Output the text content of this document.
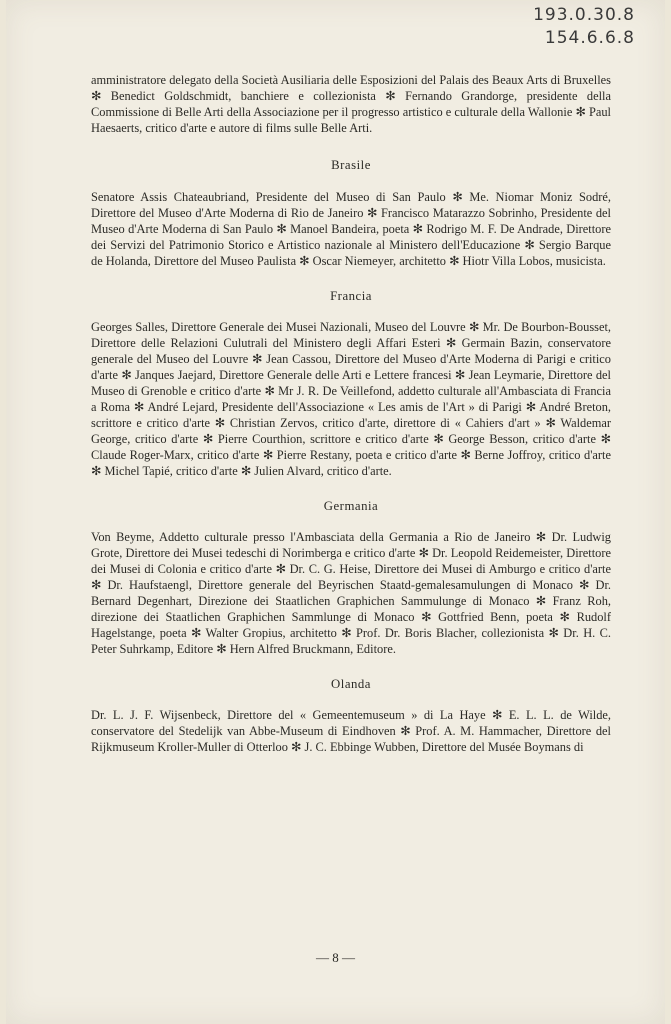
193.0.30.8
154.6.6.8

amministratore delegato della Società Ausiliaria delle Esposizioni del Palais des Beaux Arts di Bruxelles ✻ Benedict Goldschmidt, banchiere e collezionista ✻ Fernando Grandorge, presidente della Commissione di Belle Arti della Associazione per il progresso artistico e culturale della Wallonie ✻ Paul Haesaerts, critico d'arte e autore di films sulle Belle Arti.

Brasile

Senatore Assis Chateaubriand, Presidente del Museo di San Paulo ✻ Me. Niomar Moniz Sodré, Direttore del Museo d'Arte Moderna di Rio de Janeiro ✻ Francisco Matarazzo Sobrinho, Presidente del Museo d'Arte Moderna di San Paulo ✻ Manoel Bandeira, poeta ✻ Rodrigo M. F. De Andrade, Direttore dei Servizi del Patrimonio Storico e Artistico nazionale al Ministero dell'Educazione ✻ Sergio Barque de Holanda, Direttore del Museo Paulista ✻ Oscar Niemeyer, architetto ✻ Hiotr Villa Lobos, musicista.

Francia

Georges Salles, Direttore Generale dei Musei Nazionali, Museo del Louvre ✻ Mr. De Bourbon-Bousset, Direttore delle Relazioni Culutrali del Ministero degli Affari Esteri ✻ Germain Bazin, conservatore generale del Museo del Louvre ✻ Jean Cassou, Direttore del Museo d'Arte Moderna di Parigi e critico d'arte ✻ Janques Jaejard, Direttore Generale delle Arti e Lettere francesi ✻ Jean Leymarie, Direttore del Museo di Grenoble e critico d'arte ✻ Mr J. R. De Veillefond, addetto culturale all'Ambasciata di Francia a Roma ✻ André Lejard, Presidente dell'Associazione « Les amis de l'Art » di Parigi ✻ André Breton, scrittore e critico d'arte ✻ Christian Zervos, critico d'arte, direttore di « Cahiers d'art » ✻ Waldemar George, critico d'arte ✻ Pierre Courthion, scrittore e critico d'arte ✻ George Besson, critico d'arte ✻ Claude Roger-Marx, critico d'arte ✻ Pierre Restany, poeta e critico d'arte ✻ Berne Joffroy, critico d'arte ✻ Michel Tapié, critico d'arte ✻ Julien Alvard, critico d'arte.

Germania

Von Beyme, Addetto culturale presso l'Ambasciata della Germania a Rio de Janeiro ✻ Dr. Ludwig Grote, Direttore dei Musei tedeschi di Norimberga e critico d'arte ✻ Dr. Leopold Reidemeister, Direttore dei Musei di Colonia e critico d'arte ✻ Dr. C. G. Heise, Direttore dei Musei di Amburgo e critico d'arte ✻ Dr. Haufstaengl, Direttore generale del Beyrischen Staatd-gemalesamulungen di Monaco ✻ Dr. Bernard Degenhart, Direzione dei Staatlichen Graphichen Sammulunge di Monaco ✻ Franz Roh, direzione dei Staatlichen Graphichen Sammlunge di Monaco ✻ Gottfried Benn, poeta ✻ Rudolf Hagelstange, poeta ✻ Walter Gropius, architetto ✻ Prof. Dr. Boris Blacher, collezionista ✻ Dr. H. C. Peter Suhrkamp, Editore ✻ Hern Alfred Bruckmann, Editore.

Olanda

Dr. L. J. F. Wijsenbeck, Direttore del « Gemeentemuseum » di La Haye ✻ E. L. L. de Wilde, conservatore del Stedelijk van Abbe-Museum di Eindhoven ✻ Prof. A. M. Hammacher, Direttore del Rijkmuseum Kroller-Muller di Otterloo ✻ J. C. Ebbinge Wubben, Direttore del Musée Boymans di

— 8 —
